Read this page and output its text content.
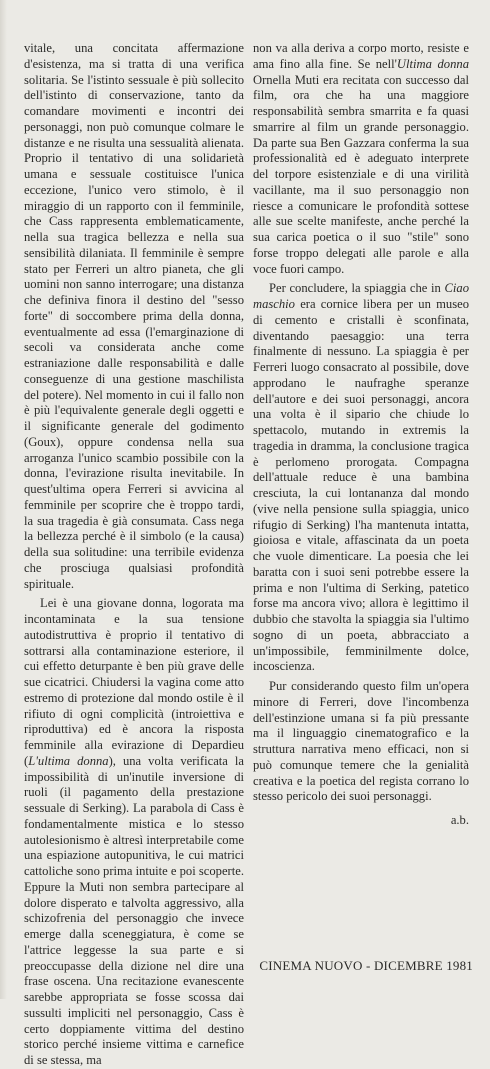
vitale, una concitata affermazione d'esistenza, ma si tratta di una verifica solitaria. Se l'istinto sessuale è più sollecito dell'istinto di conservazione, tanto da comandare movimenti e incontri dei personaggi, non può comunque colmare le distanze e ne risulta una sessualità alienata. Proprio il tentativo di una solidarietà umana e sessuale costituisce l'unica eccezione, l'unico vero stimolo, è il miraggio di un rapporto con il femminile, che Cass rappresenta emblematicamente, nella sua tragica bellezza e nella sua sensibilità dilaniata. Il femminile è sempre stato per Ferreri un altro pianeta, che gli uomini non sanno interrogare; una distanza che definiva finora il destino del "sesso forte" di soccombere prima della donna, eventualmente ad essa (l'emarginazione di secoli va considerata anche come estraniazione dalle responsabilità e dalle conseguenze di una gestione maschilista del potere). Nel momento in cui il fallo non è più l'equivalente generale degli oggetti e il significante generale del godimento (Goux), oppure condensa nella sua arroganza l'unico scambio possibile con la donna, l'evirazione risulta inevitabile. In quest'ultima opera Ferreri si avvicina al femminile per scoprire che è troppo tardi, la sua tragedia è già consumata. Cass nega la bellezza perché è il simbolo (e la causa) della sua solitudine: una terribile evidenza che prosciuga qualsiasi profondità spirituale.

Lei è una giovane donna, logorata ma incontaminata e la sua tensione autodistruttiva è proprio il tentativo di sottrarsi alla contaminazione esteriore, il cui effetto deturpante è ben più grave delle sue cicatrici. Chiudersi la vagina come atto estremo di protezione dal mondo ostile è il rifiuto di ogni complicità (introiettiva e riproduttiva) ed è ancora la risposta femminile alla evirazione di Depardieu (L'ultima donna), una volta verificata la impossibilità di un'inutile inversione di ruoli (il pagamento della prestazione sessuale di Serking). La parabola di Cass è fondamentalmente mistica e lo stesso autolesionismo è altresì interpretabile come una espiazione autopunitiva, le cui matrici cattoliche sono prima intuite e poi scoperte. Eppure la Muti non sembra partecipare al dolore disperato e talvolta aggressivo, alla schizofrenia del personaggio che invece emerge dalla sceneggiatura, è come se l'attrice leggesse la sua parte e si preoccupasse della dizione nel dire una frase oscena. Una recitazione evanescente sarebbe appropriata se fosse scossa dai sussulti impliciti nel personaggio, Cass è certo doppiamente vittima del destino storico perché insieme vittima e carnefice di se stessa, ma

non va alla deriva a corpo morto, resiste e ama fino alla fine. Se nell'Ultima donna Ornella Muti era recitata con successo dal film, ora che ha una maggiore responsabilità sembra smarrita e fa quasi smarrire al film un grande personaggio. Da parte sua Ben Gazzara conferma la sua professionalità ed è adeguato interprete del torpore esistenziale e di una virilità vacillante, ma il suo personaggio non riesce a comunicare le profondità sottese alle sue scelte manifeste, anche perché la sua carica poetica o il suo "stile" sono forse troppo delegati alle parole e alla voce fuori campo.

Per concludere, la spiaggia che in Ciao maschio era cornice libera per un museo di cemento e cristalli è sconfinata, diventando paesaggio: una terra finalmente di nessuno. La spiaggia è per Ferreri luogo consacrato al possibile, dove approdano le naufraghe speranze dell'autore e dei suoi personaggi, ancora una volta è il sipario che chiude lo spettacolo, mutando in extremis la tragedia in dramma, la conclusione tragica è perlomeno prorogata. Compagna dell'attuale reduce è una bambina cresciuta, la cui lontananza dal mondo (vive nella pensione sulla spiaggia, unico rifugio di Serking) l'ha mantenuta intatta, gioiosa e vitale, affascinata da un poeta che vuole dimenticare. La poesia che lei baratta con i suoi seni potrebbe essere la prima e non l'ultima di Serking, patetico forse ma ancora vivo; allora è legittimo il dubbio che stavolta la spiaggia sia l'ultimo sogno di un poeta, abbracciato a un'impossibile, femminilmente dolce, incoscienza.

Pur considerando questo film un'opera minore di Ferreri, dove l'incombenza dell'estinzione umana si fa più pressante ma il linguaggio cinematografico e la struttura narrativa meno efficaci, non si può comunque temere che la genialità creativa e la poetica del regista corrano lo stesso pericolo dei suoi personaggi.

a.b.
CINEMA NUOVO - DICEMBRE 1981
